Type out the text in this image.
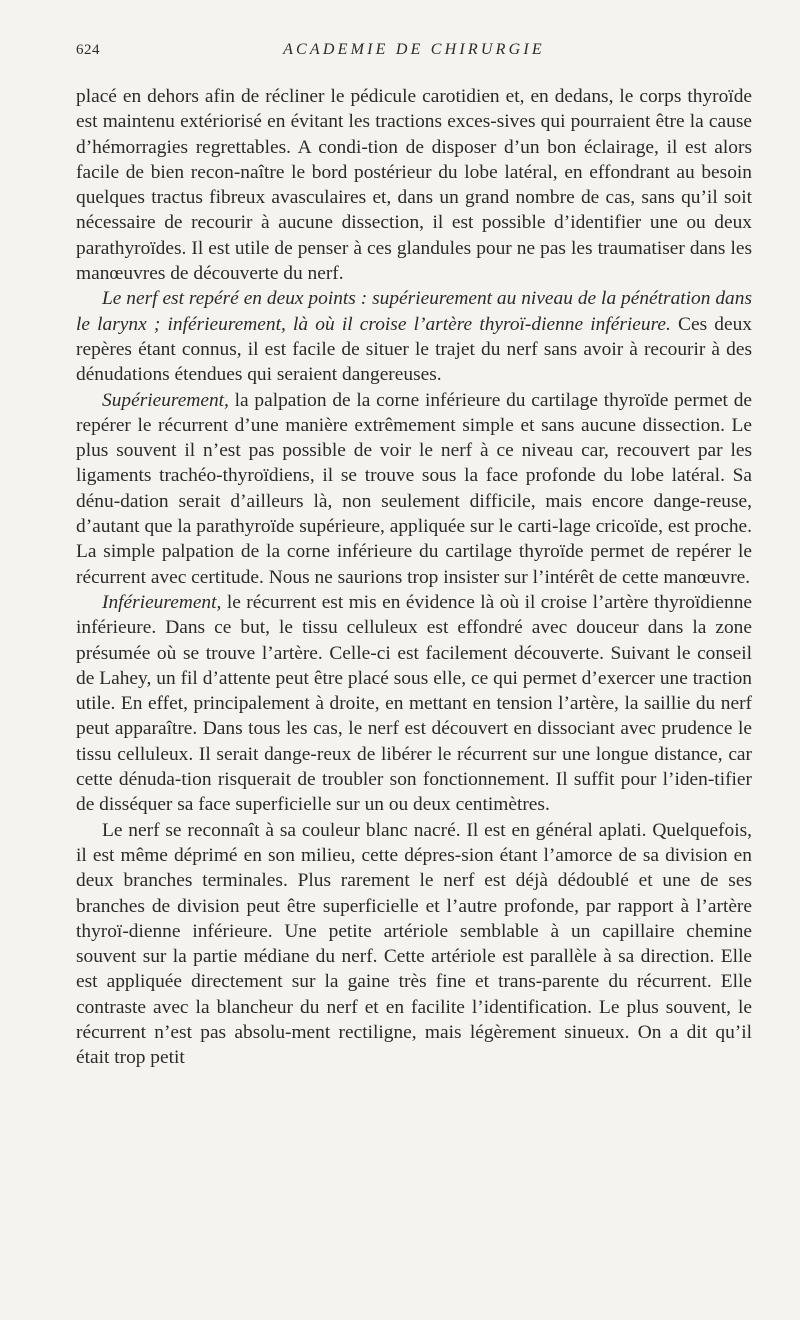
624	ACADEMIE DE CHIRURGIE

placé en dehors afin de récliner le pédicule carotidien et, en dedans, le corps thyroïde est maintenu extériorisé en évitant les tractions exces-sives qui pourraient être la cause d’hémorragies regrettables. A condi-tion de disposer d’un bon éclairage, il est alors facile de bien recon-naître le bord postérieur du lobe latéral, en effondrant au besoin quelques tractus fibreux avasculaires et, dans un grand nombre de cas, sans qu’il soit nécessaire de recourir à aucune dissection, il est possible d’identifier une ou deux parathyroïdes. Il est utile de penser à ces glandules pour ne pas les traumatiser dans les manœuvres de découverte du nerf.

Le nerf est repéré en deux points : supérieurement au niveau de la pénétration dans le larynx ; inférieurement, là où il croise l’artère thyroï-dienne inférieure. Ces deux repères étant connus, il est facile de situer le trajet du nerf sans avoir à recourir à des dénudations étendues qui seraient dangereuses.

Supérieurement, la palpation de la corne inférieure du cartilage thyroïde permet de repérer le récurrent d’une manière extrêmement simple et sans aucune dissection. Le plus souvent il n’est pas possible de voir le nerf à ce niveau car, recouvert par les ligaments trachéo-thyroïdiens, il se trouve sous la face profonde du lobe latéral. Sa dénu-dation serait d’ailleurs là, non seulement difficile, mais encore dange-reuse, d’autant que la parathyroïde supérieure, appliquée sur le carti-lage cricoïde, est proche. La simple palpation de la corne inférieure du cartilage thyroïde permet de repérer le récurrent avec certitude. Nous ne saurions trop insister sur l’intérêt de cette manœuvre.

Inférieurement, le récurrent est mis en évidence là où il croise l’artère thyroïdienne inférieure. Dans ce but, le tissu celluleux est effondré avec douceur dans la zone présumée où se trouve l’artère. Celle-ci est facilement découverte. Suivant le conseil de Lahey, un fil d’attente peut être placé sous elle, ce qui permet d’exercer une traction utile. En effet, principalement à droite, en mettant en tension l’artère, la saillie du nerf peut apparaître. Dans tous les cas, le nerf est découvert en dissociant avec prudence le tissu celluleux. Il serait dange-reux de libérer le récurrent sur une longue distance, car cette dénuda-tion risquerait de troubler son fonctionnement. Il suffit pour l’iden-tifier de disséquer sa face superficielle sur un ou deux centimètres.

Le nerf se reconnaît à sa couleur blanc nacré. Il est en général aplati. Quelquefois, il est même déprimé en son milieu, cette dépres-sion étant l’amorce de sa division en deux branches terminales. Plus rarement le nerf est déjà dédoublé et une de ses branches de division peut être superficielle et l’autre profonde, par rapport à l’artère thyroï-dienne inférieure. Une petite artériole semblable à un capillaire chemine souvent sur la partie médiane du nerf. Cette artériole est parallèle à sa direction. Elle est appliquée directement sur la gaine très fine et trans-parente du récurrent. Elle contraste avec la blancheur du nerf et en facilite l’identification. Le plus souvent, le récurrent n’est pas absolu-ment rectiligne, mais légèrement sinueux. On a dit qu’il était trop petit
